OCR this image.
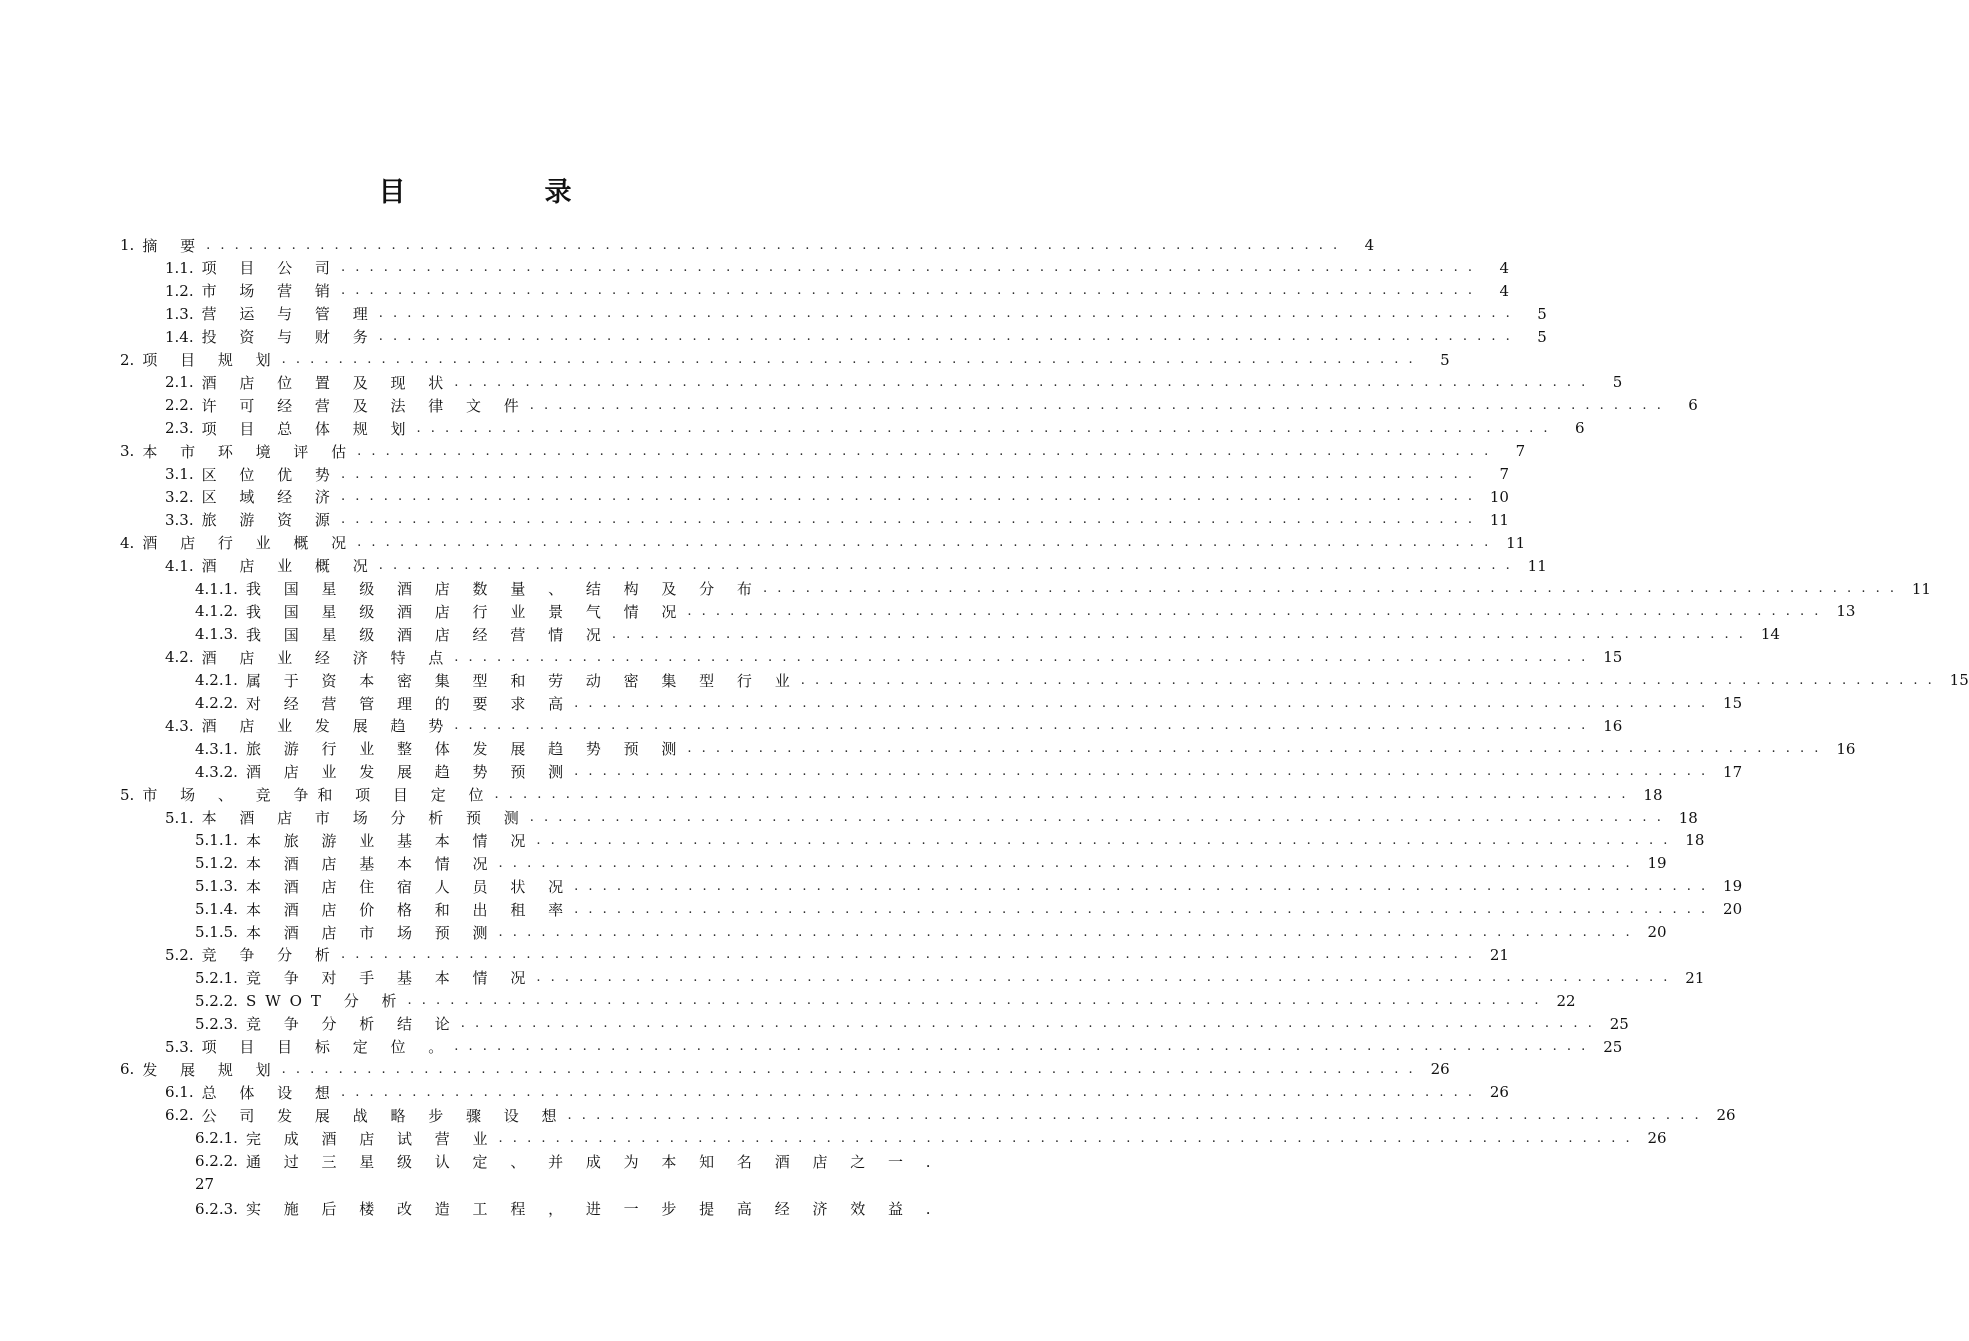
目　录
1. 摘 要 . . . . . . . . . . . . . . . . . . . . . . . . . . . . . . . . . . . . . . . . . . . . . . . . . . . . . . . . . . . . . . . . . . . . . . . . . . . . . . . .	4
1.1. 项 目 公 司 . . . . . . . . . . . . . . . . . . . . . . . . . . . . . . . . . . . . . . . . . . . . . . . . . . . . . . . . . . . . . . . . . . . . . . . . . . . . . . . .	4
1.2. 市 场 营 销 . . . . . . . . . . . . . . . . . . . . . . . . . . . . . . . . . . . . . . . . . . . . . . . . . . . . . . . . . . . . . . . . . . . . . . . . . . . . . . . .	4
1.3. 营 运 与 管 理 . . . . . . . . . . . . . . . . . . . . . . . . . . . . . . . . . . . . . . . . . . . . . . . . . . . . . . . . . . . . . . . . . . . . . . . . . . . . . . . .	5
1.4. 投 资 与 财 务 . . . . . . . . . . . . . . . . . . . . . . . . . . . . . . . . . . . . . . . . . . . . . . . . . . . . . . . . . . . . . . . . . . . . . . . . . . . . . . . .	5
2. 项 目 规 划 . . . . . . . . . . . . . . . . . . . . . . . . . . . . . . . . . . . . . . . . . . . . . . . . . . . . . . . . . . . . . . . . . . . . . . . . . . . . . . . .	5
2.1. 酒 店 位 置 及 现 状 . . . . . . . . . . . . . . . . . . . . . . . . . . . . . . . . . . . . . . . . . . . . . . . . . . . . . . . . . . . . . . . . . . . . . . . . . . . . . . . .	5
2.2. 许 可 经 营 及 法 律 文 件 . . . . . . . . . . . . . . . . . . . . . . . . . . . . . . . . . . . . . . . . . . . . . . . . . . . . . . . . . . . . . . . . . . . . . . . . . . . . . . . .	6
2.3. 项 目 总 体 规 划 . . . . . . . . . . . . . . . . . . . . . . . . . . . . . . . . . . . . . . . . . . . . . . . . . . . . . . . . . . . . . . . . . . . . . . . . . . . . . . . .	6
3. 本 市 环 境 评 估 . . . . . . . . . . . . . . . . . . . . . . . . . . . . . . . . . . . . . . . . . . . . . . . . . . . . . . . . . . . . . . . . . . . . . . . . . . . . . . . .	7
3.1. 区 位 优 势 . . . . . . . . . . . . . . . . . . . . . . . . . . . . . . . . . . . . . . . . . . . . . . . . . . . . . . . . . . . . . . . . . . . . . . . . . . . . . . . .	7
3.2. 区 域 经 济 . . . . . . . . . . . . . . . . . . . . . . . . . . . . . . . . . . . . . . . . . . . . . . . . . . . . . . . . . . . . . . . . . . . . . . . . . . . . . . . . 10
3.3. 旅 游 资 源 . . . . . . . . . . . . . . . . . . . . . . . . . . . . . . . . . . . . . . . . . . . . . . . . . . . . . . . . . . . . . . . . . . . . . . . . . . . . . . . . 11
4. 酒 店 行 业 概 况 . . . . . . . . . . . . . . . . . . . . . . . . . . . . . . . . . . . . . . . . . . . . . . . . . . . . . . . . . . . . . . . . . . . . . . . . . . . . . . . . 11
4.1. 酒 店 业 概 况 . . . . . . . . . . . . . . . . . . . . . . . . . . . . . . . . . . . . . . . . . . . . . . . . . . . . . . . . . . . . . . . . . . . . . . . . . . . . . . . . 11
4.1.1. 我 国 星 级 酒 店 数 量 、 结 构 及 分 布 . . . . . . . . . . . . . . . . . . . . . . . . . . . . . . . . . . . . . . . . . . . . . . . . . . . . . . . . . . . . . . . . . . . . . . . . . . . . . . . . 11
4.1.2. 我 国 星 级 酒 店 行 业 景 气 情 况 . . . . . . . . . . . . . . . . . . . . . . . . . . . . . . . . . . . . . . . . . . . . . . . . . . . . . . . . . . . . . . . . . . . . . . . . . . . . . . . . 13
4.1.3. 我 国 星 级 酒 店 经 营 情 况 . . . . . . . . . . . . . . . . . . . . . . . . . . . . . . . . . . . . . . . . . . . . . . . . . . . . . . . . . . . . . . . . . . . . . . . . . . . . . . . . 14
4.2. 酒 店 业 经 济 特 点 . . . . . . . . . . . . . . . . . . . . . . . . . . . . . . . . . . . . . . . . . . . . . . . . . . . . . . . . . . . . . . . . . . . . . . . . . . . . . . . . 15
4.2.1. 属 于 资 本 密 集 型 和 劳 动 密 集 型 行 业 . . . . . . . . . . . . . . . . . . . . . . . . . . . . . . . . . . . . . . . . . . . . . . . . . . . . . . . . . . . . . . . . . . . . . . . . . . . . . . . . 15
4.2.2. 对 经 营 管 理 的 要 求 高 . . . . . . . . . . . . . . . . . . . . . . . . . . . . . . . . . . . . . . . . . . . . . . . . . . . . . . . . . . . . . . . . . . . . . . . . . . . . . . . . 15
4.3. 酒 店 业 发 展 趋 势 . . . . . . . . . . . . . . . . . . . . . . . . . . . . . . . . . . . . . . . . . . . . . . . . . . . . . . . . . . . . . . . . . . . . . . . . . . . . . . . . 16
4.3.1. 旅 游 行 业 整 体 发 展 趋 势 预 测 . . . . . . . . . . . . . . . . . . . . . . . . . . . . . . . . . . . . . . . . . . . . . . . . . . . . . . . . . . . . . . . . . . . . . . . . . . . . . . . . 16
4.3.2. 酒 店 业 发 展 趋 势 预 测 . . . . . . . . . . . . . . . . . . . . . . . . . . . . . . . . . . . . . . . . . . . . . . . . . . . . . . . . . . . . . . . . . . . . . . . . . . . . . . . . 17
5. 市 场 、 竞 争和 项 目 定 位 . . . . . . . . . . . . . . . . . . . . . . . . . . . . . . . . . . . . . . . . . . . . . . . . . . . . . . . . . . . . . . . . . . . . . . . . . . . . . . . . 18
5.1. 本 酒 店 市 场 分 析 预 测 . . . . . . . . . . . . . . . . . . . . . . . . . . . . . . . . . . . . . . . . . . . . . . . . . . . . . . . . . . . . . . . . . . . . . . . . . . . . . . . . 18
5.1.1. 本 旅 游 业 基 本 情 况 . . . . . . . . . . . . . . . . . . . . . . . . . . . . . . . . . . . . . . . . . . . . . . . . . . . . . . . . . . . . . . . . . . . . . . . . . . . . . . . . 18
5.1.2. 本 酒 店 基 本 情 况 . . . . . . . . . . . . . . . . . . . . . . . . . . . . . . . . . . . . . . . . . . . . . . . . . . . . . . . . . . . . . . . . . . . . . . . . . . . . . . . . 19
5.1.3. 本 酒 店 住 宿 人 员 状 况 . . . . . . . . . . . . . . . . . . . . . . . . . . . . . . . . . . . . . . . . . . . . . . . . . . . . . . . . . . . . . . . . . . . . . . . . . . . . . . . . 19
5.1.4. 本 酒 店 价 格 和 出 租 率 . . . . . . . . . . . . . . . . . . . . . . . . . . . . . . . . . . . . . . . . . . . . . . . . . . . . . . . . . . . . . . . . . . . . . . . . . . . . . . . . 20
5.1.5. 本 酒 店 市 场 预 测 . . . . . . . . . . . . . . . . . . . . . . . . . . . . . . . . . . . . . . . . . . . . . . . . . . . . . . . . . . . . . . . . . . . . . . . . . . . . . . . . 20
5.2. 竞 争 分 析 . . . . . . . . . . . . . . . . . . . . . . . . . . . . . . . . . . . . . . . . . . . . . . . . . . . . . . . . . . . . . . . . . . . . . . . . . . . . . . . . 21
5.2.1. 竞 争 对 手 基 本 情 况 . . . . . . . . . . . . . . . . . . . . . . . . . . . . . . . . . . . . . . . . . . . . . . . . . . . . . . . . . . . . . . . . . . . . . . . . . . . . . . . . 21
5.2.2. SWOT 分 析 . . . . . . . . . . . . . . . . . . . . . . . . . . . . . . . . . . . . . . . . . . . . . . . . . . . . . . . . . . . . . . . . . . . . . . . . . . . . . . . . 22
5.2.3. 竞 争 分 析 结 论 . . . . . . . . . . . . . . . . . . . . . . . . . . . . . . . . . . . . . . . . . . . . . . . . . . . . . . . . . . . . . . . . . . . . . . . . . . . . . . . . 25
5.3. 项 目 目 标 定 位 。 . . . . . . . . . . . . . . . . . . . . . . . . . . . . . . . . . . . . . . . . . . . . . . . . . . . . . . . . . . . . . . . . . . . . . . . . . . . . . . . . 25
6. 发 展 规 划 . . . . . . . . . . . . . . . . . . . . . . . . . . . . . . . . . . . . . . . . . . . . . . . . . . . . . . . . . . . . . . . . . . . . . . . . . . . . . . . . 26
6.1. 总 体 设 想 . . . . . . . . . . . . . . . . . . . . . . . . . . . . . . . . . . . . . . . . . . . . . . . . . . . . . . . . . . . . . . . . . . . . . . . . . . . . . . . . 26
6.2. 公 司 发 展 战 略 步 骤 设 想 . . . . . . . . . . . . . . . . . . . . . . . . . . . . . . . . . . . . . . . . . . . . . . . . . . . . . . . . . . . . . . . . . . . . . . . . . . . . . . . . 26
6.2.1. 完 成 酒 店 试 营 业 . . . . . . . . . . . . . . . . . . . . . . . . . . . . . . . . . . . . . . . . . . . . . . . . . . . . . . . . . . . . . . . . . . . . . . . . . . . . . . . . 26
6.2.2. 通 过 三 星 级 认 定 、 并 成 为 本 知 名 酒 店 之 一 .
27
6.2.3. 实 施 后 楼 改 造 工 程 ， 进 一 步 提 高 经 济 效 益 .
